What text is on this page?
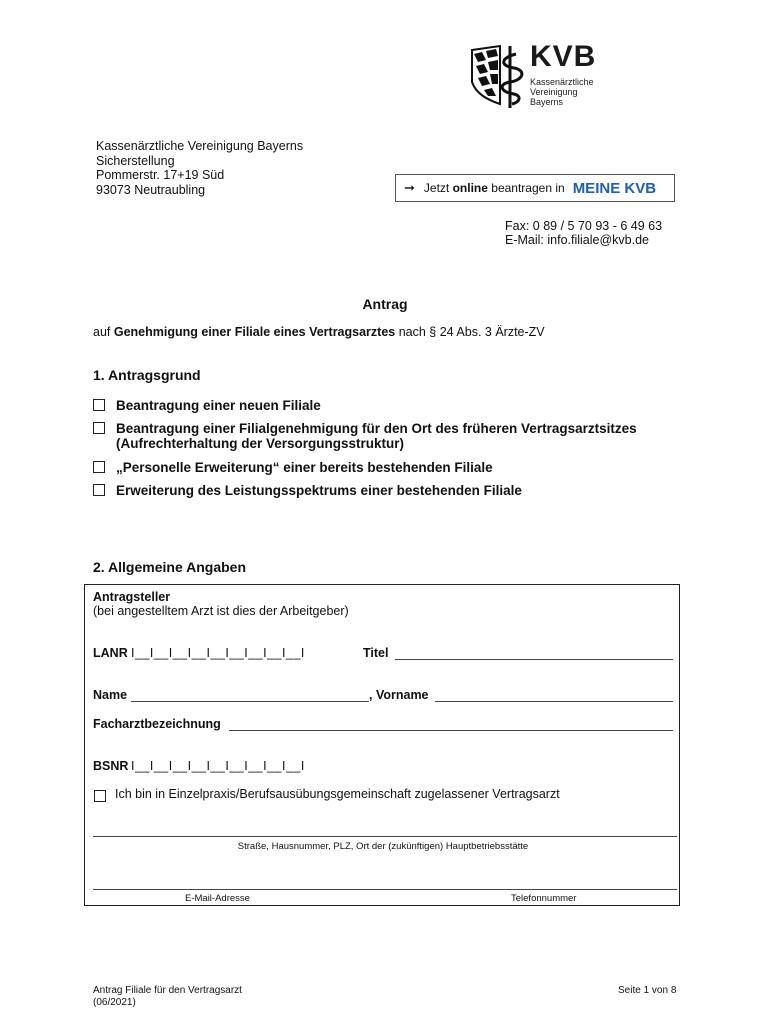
KVB
Kassenärztliche
Vereinigung
Bayerns
Kassenärztliche Vereinigung Bayerns
Sicherstellung
Pommerstr. 17+19 Süd
93073 Neutraubling	➞ Jetzt
online
beantragen in MEINE KVB
Fax: 0 89 / 5 70 93 - 6 49 63
E-Mail: info.filiale@kvb.de
Antrag
auf Genehmigung einer Filiale eines Vertragsarztes nach § 24 Abs. 3 Ärzte-ZV
1. Antragsgrund
Beantragung einer neuen Filiale
Beantragung einer Filialgenehmigung für den Ort des früheren Vertragsarztsitzes
(Aufrechterhaltung der Versorgungsstruktur)
„Personelle Erweiterung“ einer bereits bestehenden Filiale
Erweiterung des Leistungsspektrums einer bestehenden Filiale
2. Allgemeine Angaben
Antragsteller
(bei angestelltem Arzt ist dies der Arbeitgeber)
LANR I__I__I__I__I__I__I__I__I__I	Titel
Name	, Vorname
Facharztbezeichnung
BSNR I__I__I__I__I__I__I__I__I__I
Ich bin in Einzelpraxis/Berufsausübungsgemeinschaft zugelassener Vertragsarzt
Straße, Hausnummer, PLZ, Ort der (zukünftigen) Hauptbetriebsstätte
E-Mail-Adresse	Telefonnummer
Antrag Filiale für den Vertragsarzt
(06/2021)
Seite 1 von 8
